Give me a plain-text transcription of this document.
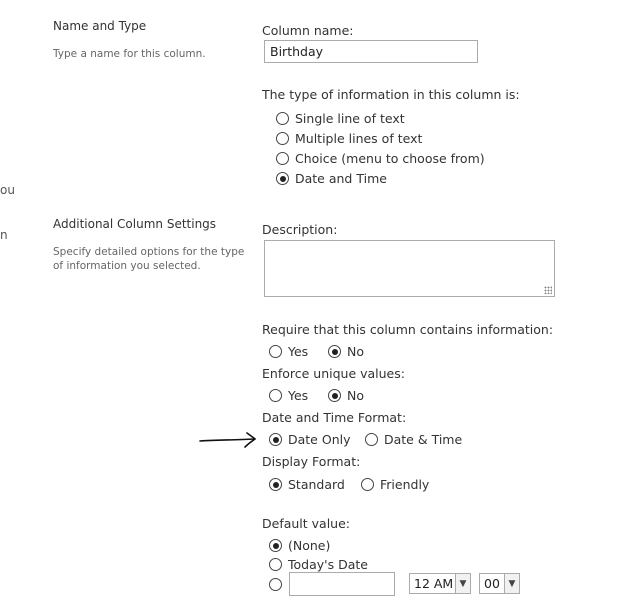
ou
n
Name and Type
Type a name for this column.
Column name:
Birthday
The type of information in this column is:
Single line of text
Multiple lines of text
Choice (menu to choose from)
Date and Time
Additional Column Settings
Specify detailed options for the type
of information you selected.
Description:
Require that this column contains information:
Yes	No
Enforce unique values:
Yes	No
Date and Time Format:
Date Only	Date & Time
Display Format:
Standard	Friendly
Default value:
(None)
Today's Date
12 AM ▼	00 ▼
